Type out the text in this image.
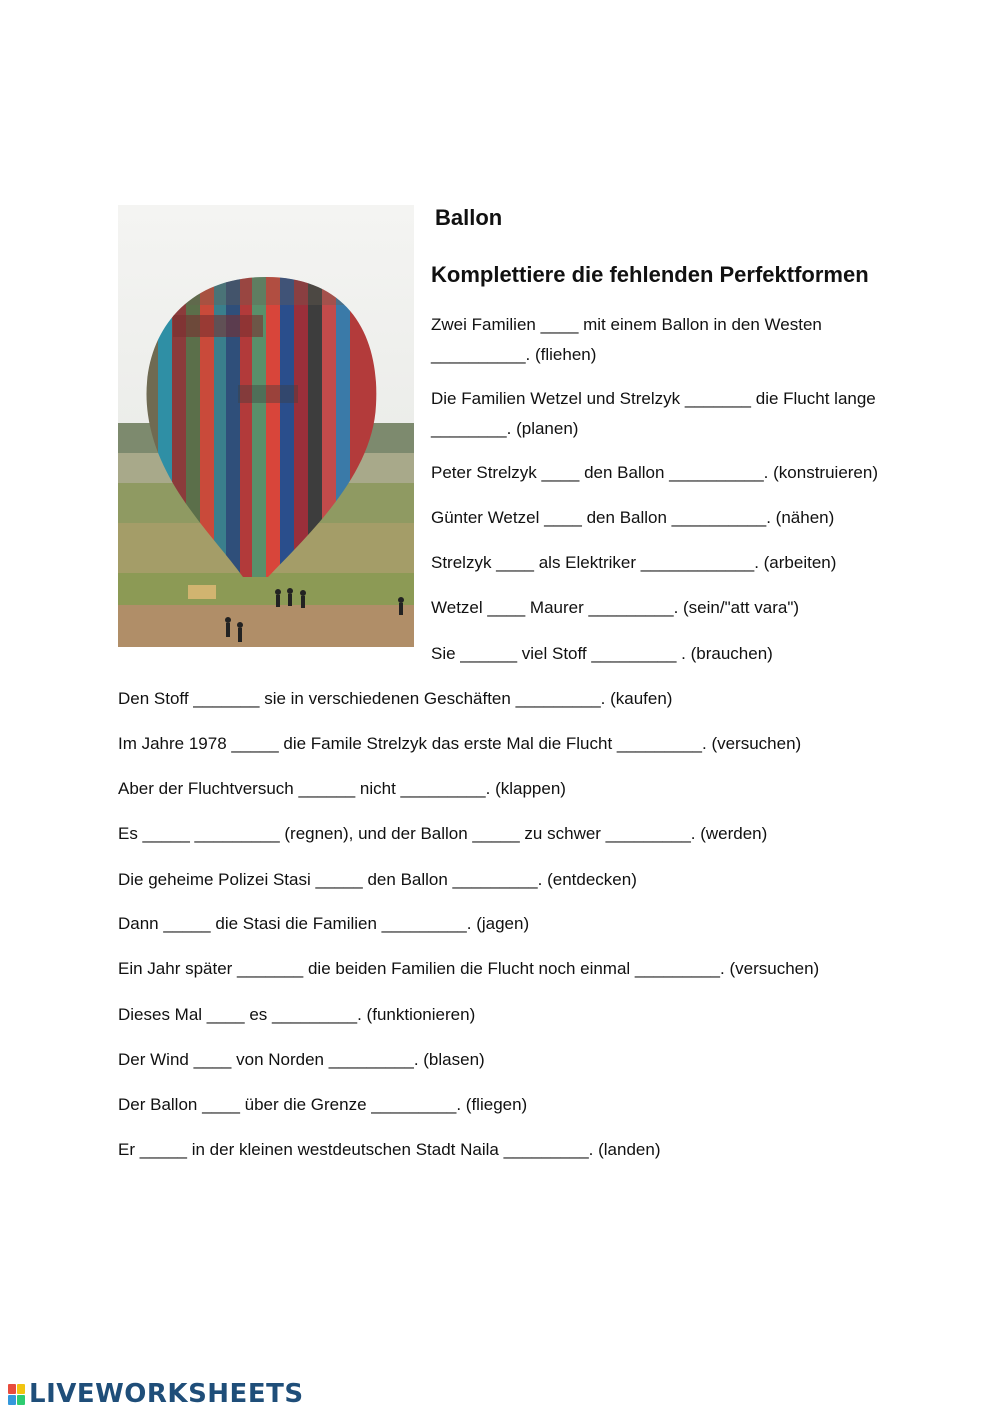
Ballon
Komplettiere die fehlenden Perfektformen

Zwei Familien ____ mit einem Ballon in den Westen

__________. (fliehen)

Die Familien Wetzel und Strelzyk _______ die Flucht lange

________. (planen)

Peter Strelzyk ____ den Ballon __________. (konstruieren)

Günter Wetzel ____ den Ballon __________. (nähen)

Strelzyk ____ als Elektriker ____________. (arbeiten)

Wetzel ____ Maurer _________. (sein/"att vara")

Sie ______ viel Stoff _________ . (brauchen)

Den Stoff _______ sie in verschiedenen Geschäften _________. (kaufen)

Im Jahre 1978 _____ die Famile Strelzyk das erste Mal die Flucht _________. (versuchen)

Aber der Fluchtversuch ______ nicht _________. (klappen)

Es _____ _________ (regnen), und der Ballon _____ zu schwer _________. (werden)

Die geheime Polizei Stasi _____ den Ballon _________. (entdecken)

Dann _____ die Stasi die Familien _________. (jagen)

Ein Jahr später _______ die beiden Familien die Flucht noch einmal _________. (versuchen)

Dieses Mal ____ es _________. (funktionieren)

Der Wind ____ von Norden _________. (blasen)

Der Ballon ____ über die Grenze _________. (fliegen)

Er _____ in der kleinen westdeutschen Stadt Naila _________. (landen)

LIVEWORKSHEETS
